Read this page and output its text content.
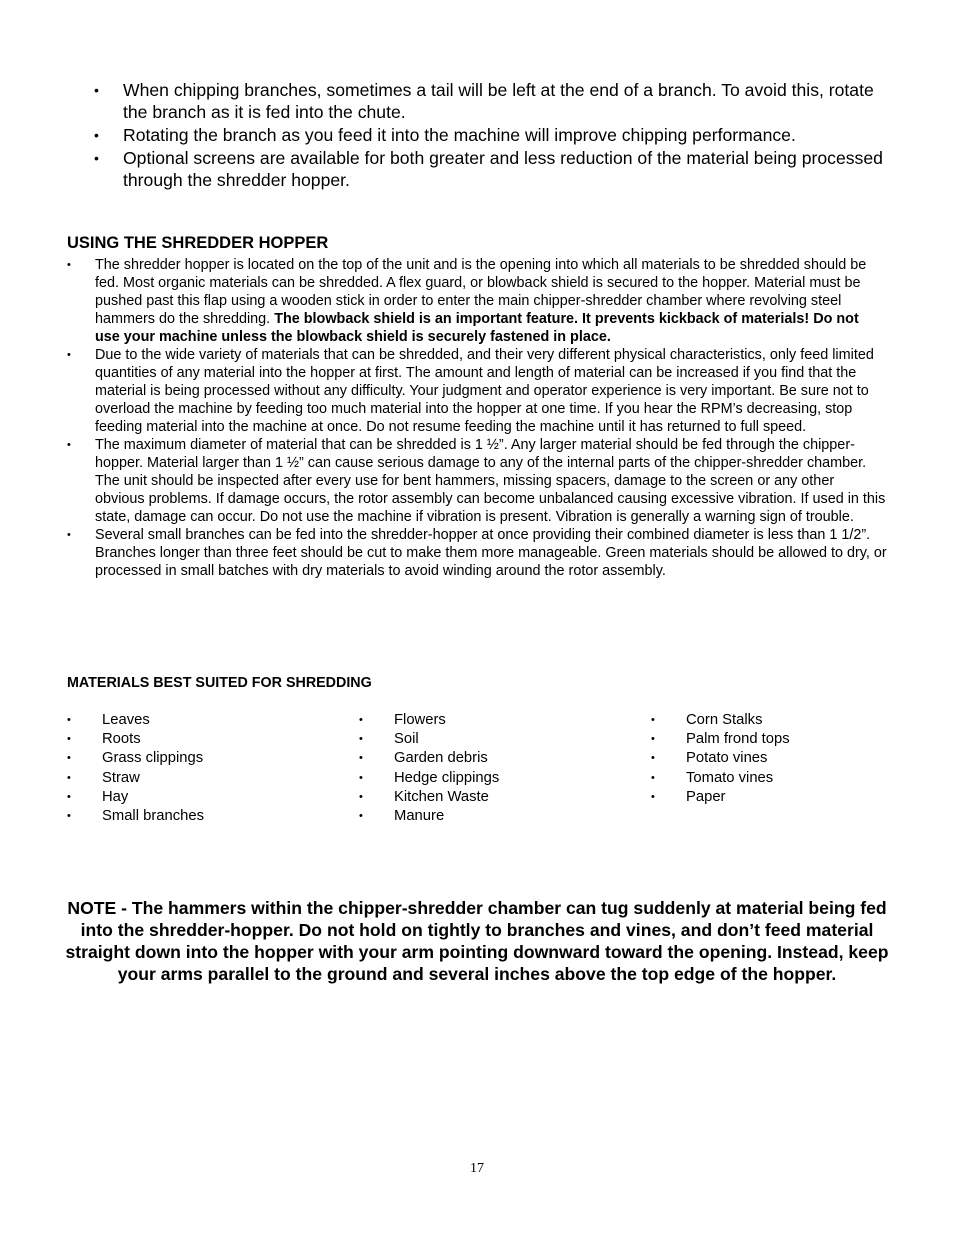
• When chipping branches, sometimes a tail will be left at the end of a branch. To avoid this, rotate the branch as it is fed into the chute.
• Rotating the branch as you feed it into the machine will improve chipping performance.
• Optional screens are available for both greater and less reduction of the material being processed through the shredder hopper.
USING THE SHREDDER HOPPER
• The shredder hopper is located on the top of the unit and is the opening into which all materials to be shredded should be fed. Most organic materials can be shredded. A flex guard, or blowback shield is secured to the hopper. Material must be pushed past this flap using a wooden stick in order to enter the main chipper-shredder chamber where revolving steel hammers do the shredding. The blowback shield is an important feature. It prevents kickback of materials! Do not use your machine unless the blowback shield is securely fastened in place.
• Due to the wide variety of materials that can be shredded, and their very different physical characteristics, only feed limited quantities of any material into the hopper at first. The amount and length of material can be increased if you find that the material is being processed without any difficulty. Your judgment and operator experience is very important. Be sure not to overload the machine by feeding too much material into the hopper at one time. If you hear the RPM’s decreasing, stop feeding material into the machine at once. Do not resume feeding the machine until it has returned to full speed.
• The maximum diameter of material that can be shredded is 1 ½”. Any larger material should be fed through the chipper-hopper. Material larger than 1 ½” can cause serious damage to any of the internal parts of the chipper-shredder chamber. The unit should be inspected after every use for bent hammers, missing spacers, damage to the screen or any other obvious problems. If damage occurs, the rotor assembly can become unbalanced causing excessive vibration. If used in this state, damage can occur. Do not use the machine if vibration is present. Vibration is generally a warning sign of trouble.
• Several small branches can be fed into the shredder-hopper at once providing their combined diameter is less than 1 1/2”. Branches longer than three feet should be cut to make them more manageable. Green materials should be allowed to dry, or processed in small batches with dry materials to avoid winding around the rotor assembly.
MATERIALS BEST SUITED FOR SHREDDING
• Leaves
• Roots
• Grass clippings
• Straw
• Hay
• Small branches
• Flowers
• Soil
• Garden debris
• Hedge clippings
• Kitchen Waste
• Manure
• Corn Stalks
• Palm frond tops
• Potato vines
• Tomato vines
• Paper

NOTE - The hammers within the chipper-shredder chamber can tug suddenly at material being fed into the shredder-hopper. Do not hold on tightly to branches and vines, and don’t feed material straight down into the hopper with your arm pointing downward toward the opening. Instead, keep your arms parallel to the ground and several inches above the top edge of the hopper.

17
